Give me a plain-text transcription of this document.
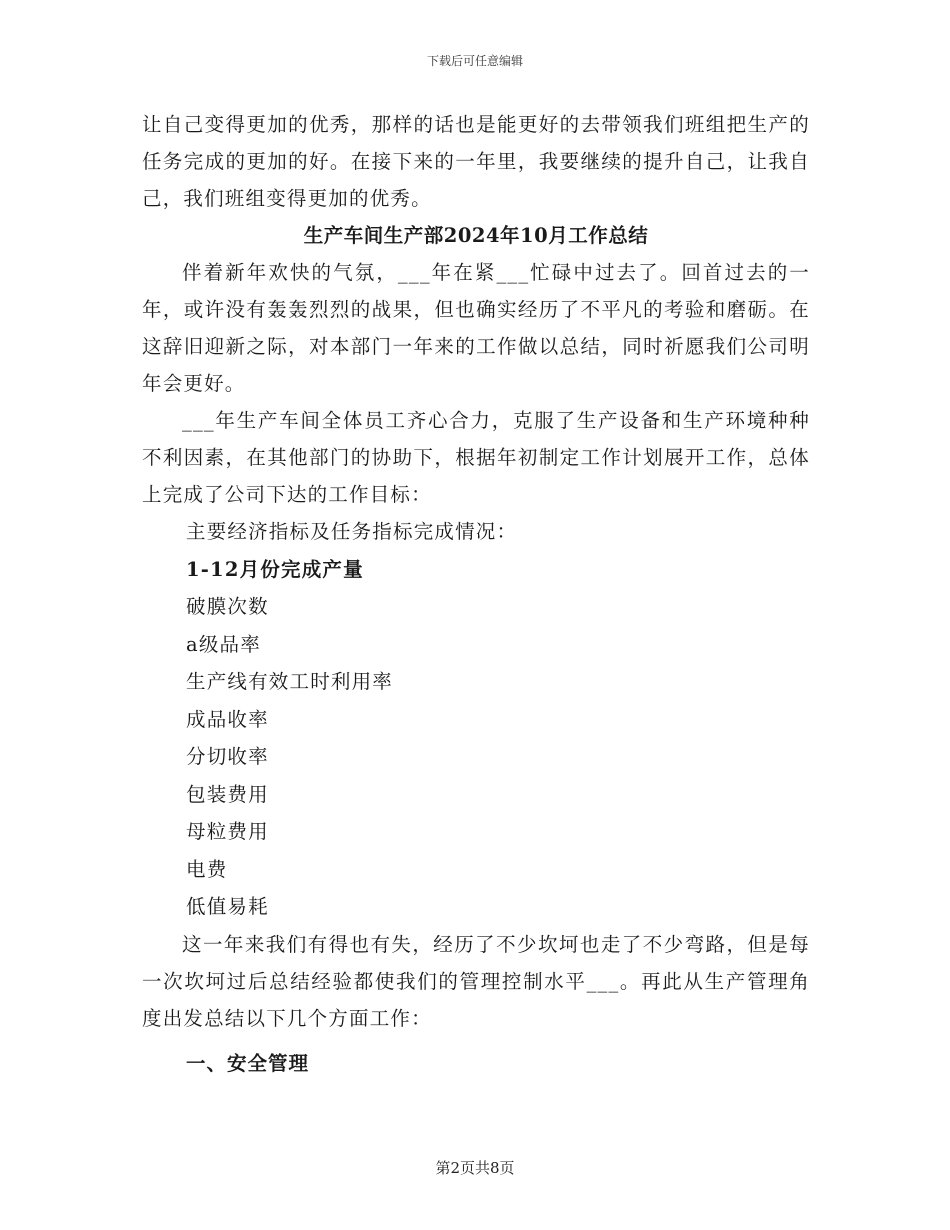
下载后可任意编辑

让自己变得更加的优秀，那样的话也是能更好的去带领我们班组把生产的任务完成的更加的好。在接下来的一年里，我要继续的提升自己，让我自己，我们班组变得更加的优秀。

生产车间生产部2024年10月工作总结

伴着新年欢快的气氛，___年在紧___忙碌中过去了。回首过去的一年，或许没有轰轰烈烈的战果，但也确实经历了不平凡的考验和磨砺。在这辞旧迎新之际，对本部门一年来的工作做以总结，同时祈愿我们公司明年会更好。

___年生产车间全体员工齐心合力，克服了生产设备和生产环境种种不利因素，在其他部门的协助下，根据年初制定工作计划展开工作，总体上完成了公司下达的工作目标：

主要经济指标及任务指标完成情况：

1-12月份完成产量

破膜次数

a级品率

生产线有效工时利用率

成品收率

分切收率

包装费用

母粒费用

电费

低值易耗

这一年来我们有得也有失，经历了不少坎坷也走了不少弯路，但是每一次坎坷过后总结经验都使我们的管理控制水平___。再此从生产管理角度出发总结以下几个方面工作：

一、安全管理

第2页共8页
